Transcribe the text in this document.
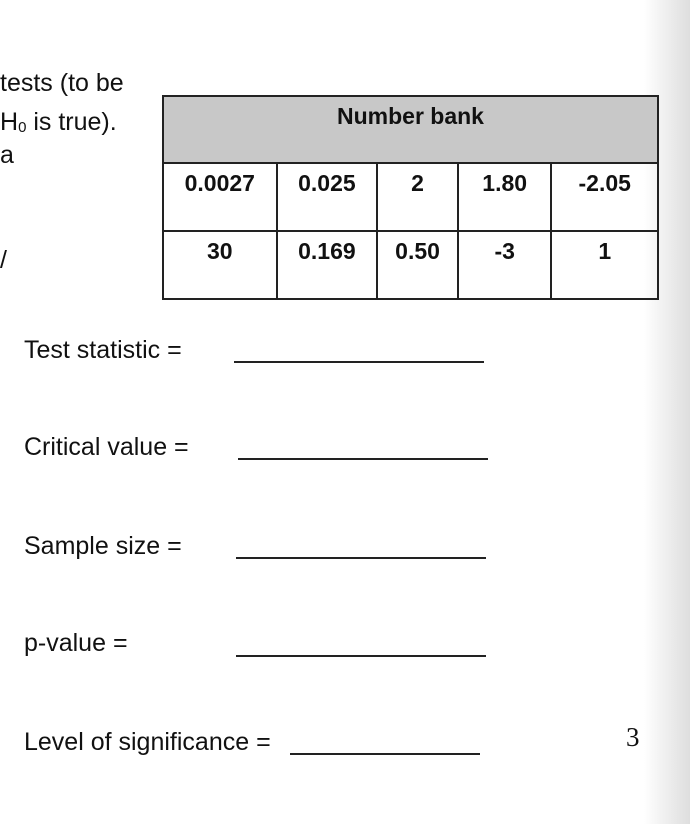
tests (to be
$H_0$ is true).
a
/
Number bank				
0.0027	0.025	2	1.80	-2.05
30	0.169	0.50	-3	1
Test statistic =
Critical value =
Sample size =
p-value =
Level of significance =	3
